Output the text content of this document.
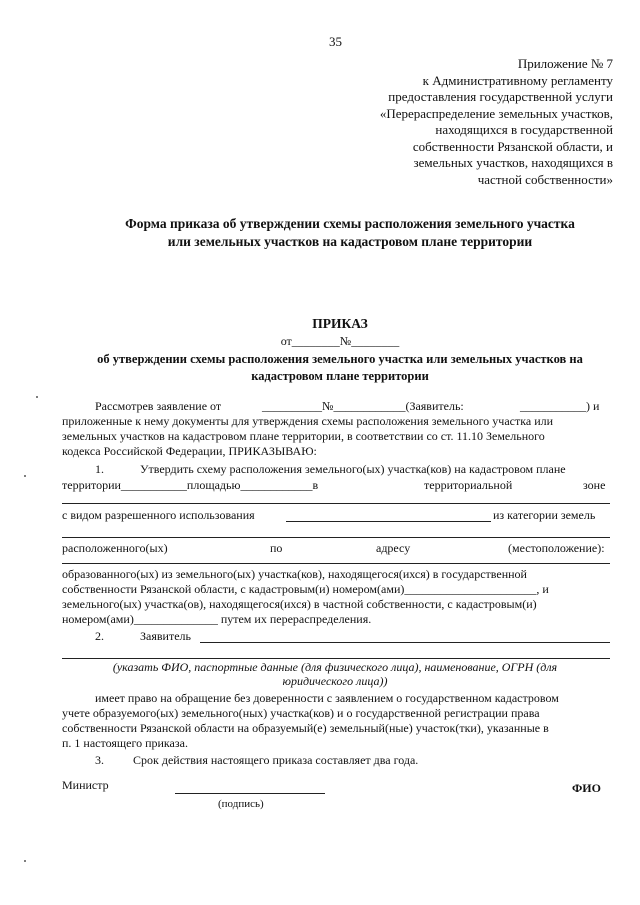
35
Приложение № 7
к Административному регламенту
предоставления государственной услуги
«Перераспределение земельных участков,
находящихся в государственной
собственности Рязанской области, и
земельных участков, находящихся в
частной собственности»
Форма приказа об утверждении схемы расположения земельного участка
или земельных участков на кадастровом плане территории
ПРИКАЗ
от________№________
об утверждении схемы расположения земельного участка или земельных участков на
кадастровом плане территории
Рассмотрев заявление от	__________№____________(Заявитель:	___________) и
приложенные к нему документы для утверждения схемы расположения земельного участка или
земельных участков на кадастровом плане территории, в соответствии со ст. 11.10 Земельного
кодекса Российской Федерации, ПРИКАЗЫВАЮ:
1.	Утвердить схему расположения земельного(ых) участка(ков) на кадастровом плане
территории___________площадью____________в	территориальной	зоне
с видом разрешенного использования	из категории земель
расположенного(ых)	по	адресу	(местоположение):
образованного(ых) из земельного(ых) участка(ков), находящегося(ихся) в государственной
собственности Рязанской области, с кадастровым(и) номером(ами)______________________, и
земельного(ых) участка(ов), находящегося(ихся) в частной собственности, с кадастровым(и)
номером(ами)______________ путем их перераспределения.
2.	Заявитель
(указать ФИО, паспортные данные (для физического лица), наименование, ОГРН (для
юридического лица))
имеет право на обращение без доверенности с заявлением о государственном кадастровом
учете образуемого(ых) земельного(ных) участка(ков) и о государственной регистрации права
собственности Рязанской области на образуемый(е) земельный(ные) участок(тки), указанные в
п. 1 настоящего приказа.
3. Срок действия настоящего приказа составляет два года.
Министр
(подпись)
ФИО
